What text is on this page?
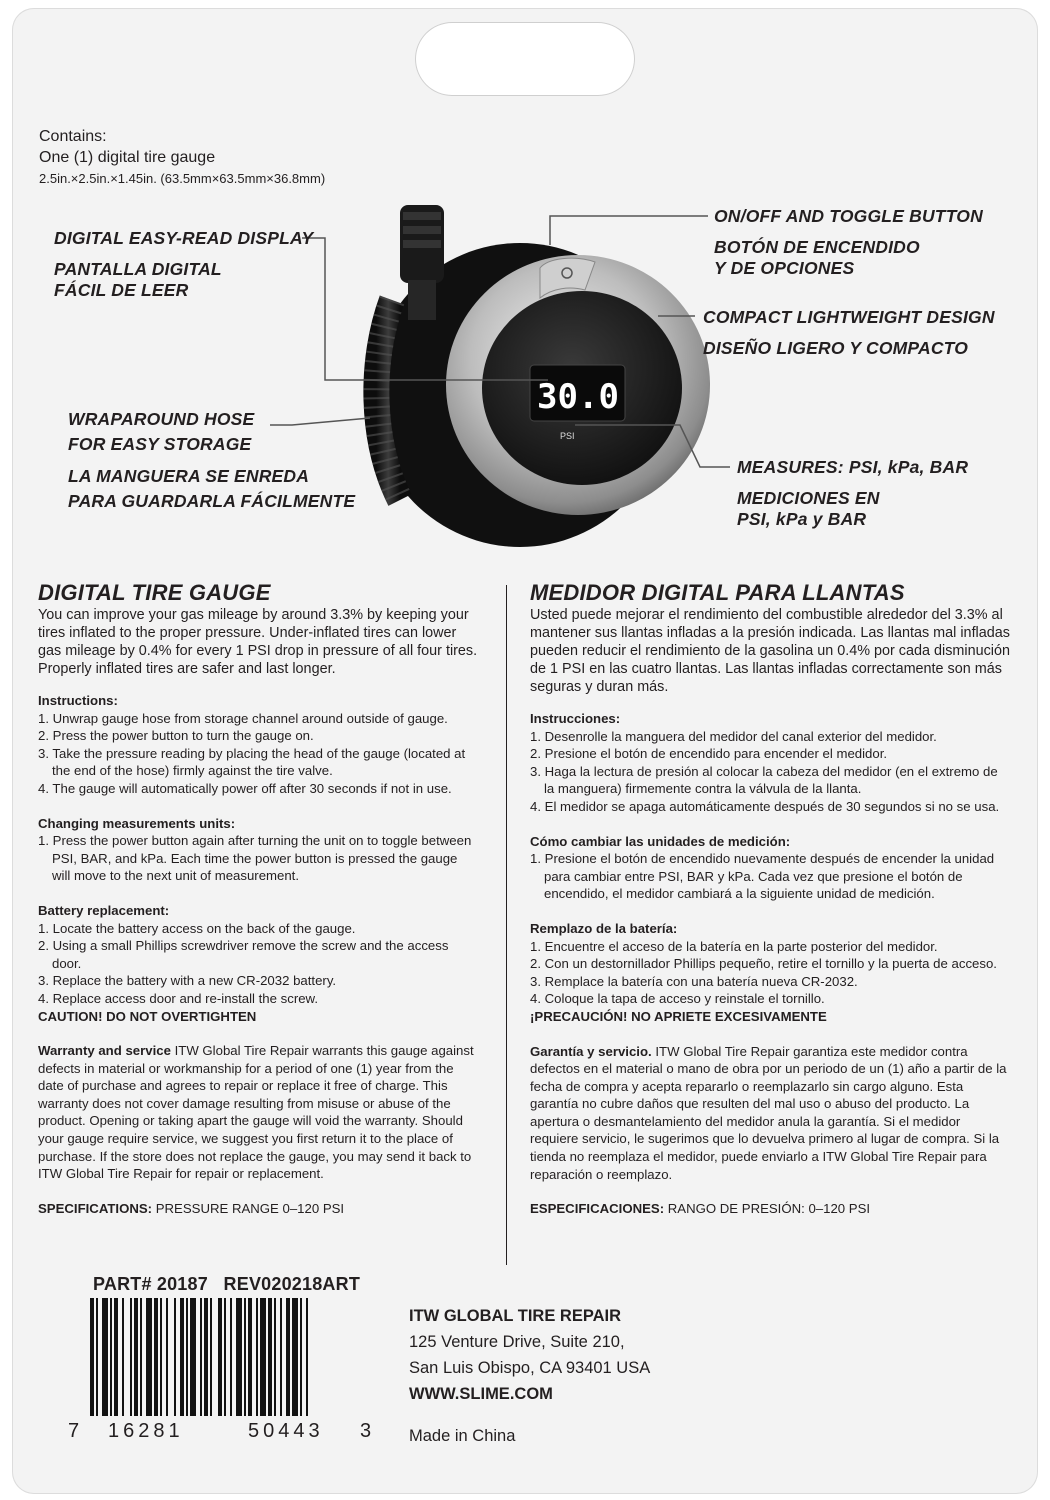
Contains:
One (1) digital tire gauge
2.5in.×2.5in.×1.45in. (63.5mm×63.5mm×36.8mm)
30.0
PSI
DIGITAL EASY-READ DISPLAY
PANTALLA DIGITAL
FÁCIL DE LEER
ON/OFF AND TOGGLE BUTTON
BOTÓN DE ENCENDIDO
Y DE OPCIONES
COMPACT LIGHTWEIGHT DESIGN
DISEÑO LIGERO Y COMPACTO
WRAPAROUND HOSE
FOR EASY STORAGE
LA MANGUERA SE ENREDA
PARA GUARDARLA FÁCILMENTE
MEASURES: PSI, kPa, BAR
MEDICIONES EN
PSI, kPa y BAR
DIGITAL TIRE GAUGE
You can improve your gas mileage by around 3.3% by keeping your tires inflated to the proper pressure. Under-inflated tires can lower gas mileage by 0.4% for every 1 PSI drop in pressure of all four tires. Properly inflated tires are safer and last longer.
Instructions:
1. Unwrap gauge hose from storage channel around outside of gauge.
2. Press the power button to turn the gauge on.
3. Take the pressure reading by placing the head of the gauge (located at the end of the hose) firmly against the tire valve.
4. The gauge will automatically power off after 30 seconds if not in use.
Changing measurements units:
1. Press the power button again after turning the unit on to toggle between PSI, BAR, and kPa. Each time the power button is pressed the gauge will move to the next unit of measurement.
Battery replacement:
1. Locate the battery access on the back of the gauge.
2. Using a small Phillips screwdriver remove the screw and the access door.
3. Replace the battery with a new CR-2032 battery.
4. Replace access door and re-install the screw.
CAUTION! DO NOT OVERTIGHTEN
Warranty and service ITW Global Tire Repair warrants this gauge against defects in material or workmanship for a period of one (1) year from the date of purchase and agrees to repair or replace it free of charge. This warranty does not cover damage resulting from misuse or abuse of the product. Opening or taking apart the gauge will void the warranty. Should your gauge require service, we suggest you first return it to the place of purchase. If the store does not replace the gauge, you may send it back to ITW Global Tire Repair for repair or replacement.
SPECIFICATIONS: PRESSURE RANGE 0–120 PSI
MEDIDOR DIGITAL PARA LLANTAS
Usted puede mejorar el rendimiento del combustible alrededor del 3.3% al mantener sus llantas infladas a la presión indicada. Las llantas mal infladas pueden reducir el rendimiento de la gasolina un 0.4% por cada disminución de 1 PSI en las cuatro llantas. Las llantas infladas correctamente son más seguras y duran más.
Instrucciones:
1. Desenrolle la manguera del medidor del canal exterior del medidor.
2. Presione el botón de encendido para encender el medidor.
3. Haga la lectura de presión al colocar la cabeza del medidor (en el extremo de la manguera) firmemente contra la válvula de la llanta.
4. El medidor se apaga automáticamente después de 30 segundos si no se usa.
Cómo cambiar las unidades de medición:
1. Presione el botón de encendido nuevamente después de encender la unidad para cambiar entre PSI, BAR y kPa. Cada vez que presione el botón de encendido, el medidor cambiará a la siguiente unidad de medición.
Remplazo de la batería:
1. Encuentre el acceso de la batería en la parte posterior del medidor.
2. Con un destornillador Phillips pequeño, retire el tornillo y la puerta de acceso.
3. Remplace la batería con una batería nueva CR-2032.
4. Coloque la tapa de acceso y reinstale el tornillo.
¡PRECAUCIÓN! NO APRIETE EXCESIVAMENTE
Garantía y servicio. ITW Global Tire Repair garantiza este medidor contra defectos en el material o mano de obra por un periodo de un (1) año a partir de la fecha de compra y acepta repararlo o reemplazarlo sin cargo alguno. Esta garantía no cubre daños que resulten del mal uso o abuso del producto. La apertura o desmantelamiento del medidor anula la garantía. Si el medidor requiere servicio, le sugerimos que lo devuelva primero al lugar de compra. Si la tienda no reemplaza el medidor, puede enviarlo a ITW Global Tire Repair para reparación o reemplazo.
ESPECIFICACIONES: RANGO DE PRESIÓN: 0–120 PSI
PART# 20187 REV020218ART
7 16281	50443 3
ITW GLOBAL TIRE REPAIR
125 Venture Drive, Suite 210,
San Luis Obispo, CA 93401 USA
WWW.SLIME.COM
Made in China
